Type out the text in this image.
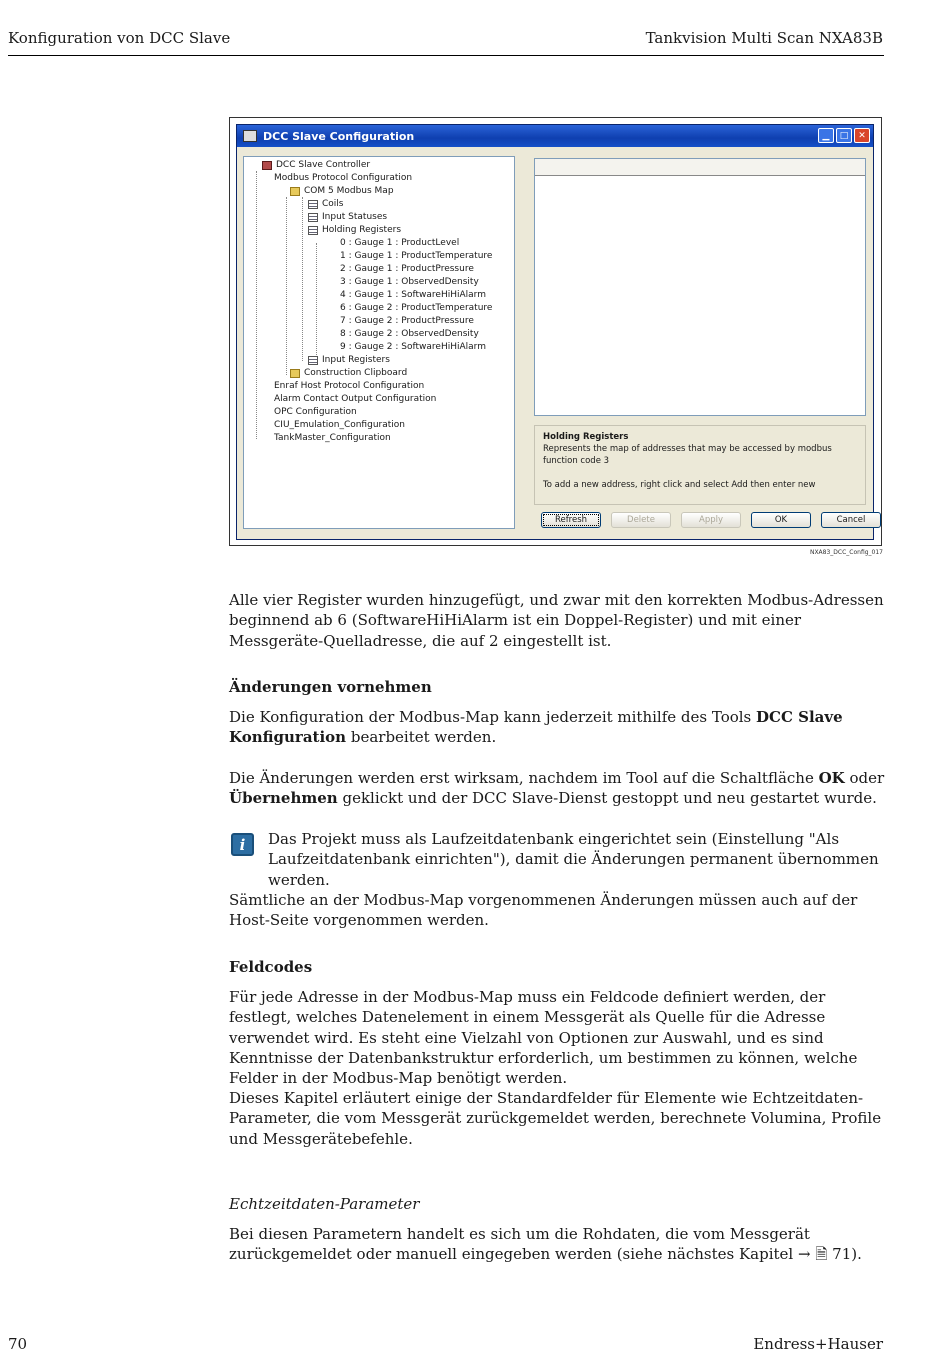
Konfiguration von DCC Slave	Tankvision Multi Scan NXA83B
DCC Slave Configuration	▁	□	✕
DCC Slave Controller
Modbus Protocol Configuration
COM 5 Modbus Map
Coils
Input Statuses
Holding Registers
0 : Gauge 1 : ProductLevel
1 : Gauge 1 : ProductTemperature
2 : Gauge 1 : ProductPressure
3 : Gauge 1 : ObservedDensity
4 : Gauge 1 : SoftwareHiHiAlarm
6 : Gauge 2 : ProductTemperature
7 : Gauge 2 : ProductPressure
8 : Gauge 2 : ObservedDensity
9 : Gauge 2 : SoftwareHiHiAlarm
Input Registers
Construction Clipboard
Enraf Host Protocol Configuration
Alarm Contact Output Configuration
OPC Configuration
CIU_Emulation_Configuration
TankMaster_Configuration	Holding Registers
Represents the map of addresses that may be accessed by modbus function code 3
To add a new address, right click and select Add then enter new
Refresh	Delete	Apply	OK	Cancel
NXA83_DCC_Config_017
Alle vier Register wurden hinzugefügt, und zwar mit den korrekten Modbus-Adressen beginnend ab 6 (SoftwareHiHiAlarm ist ein Doppel-Register) und mit einer Messgeräte-Quelladresse, die auf 2 eingestellt ist.
Änderungen vornehmen
Die Konfiguration der Modbus-Map kann jederzeit mithilfe des Tools DCC Slave Konfiguration bearbeitet werden.
Die Änderungen werden erst wirksam, nachdem im Tool auf die Schaltfläche OK oder Übernehmen geklickt und der DCC Slave-Dienst gestoppt und neu gestartet wurde.
i	Das Projekt muss als Laufzeitdatenbank eingerichtet sein (Einstellung "Als Laufzeitdatenbank einrichten"), damit die Änderungen permanent übernommen werden.
Sämtliche an der Modbus-Map vorgenommenen Änderungen müssen auch auf der Host-Seite vorgenommen werden.
Feldcodes
Für jede Adresse in der Modbus-Map muss ein Feldcode definiert werden, der festlegt, welches Datenelement in einem Messgerät als Quelle für die Adresse verwendet wird. Es steht eine Vielzahl von Optionen zur Auswahl, und es sind Kenntnisse der Datenbankstruktur erforderlich, um bestimmen zu können, welche Felder in der Modbus-Map benötigt werden.
Dieses Kapitel erläutert einige der Standardfelder für Elemente wie Echtzeitdaten-Parameter, die vom Messgerät zurückgemeldet werden, berechnete Volumina, Profile und Messgerätebefehle.
Echtzeitdaten-Parameter
Bei diesen Parametern handelt es sich um die Rohdaten, die vom Messgerät zurückgemeldet oder manuell eingegeben werden (siehe nächstes Kapitel → 🗎 71).
70	Endress+Hauser
